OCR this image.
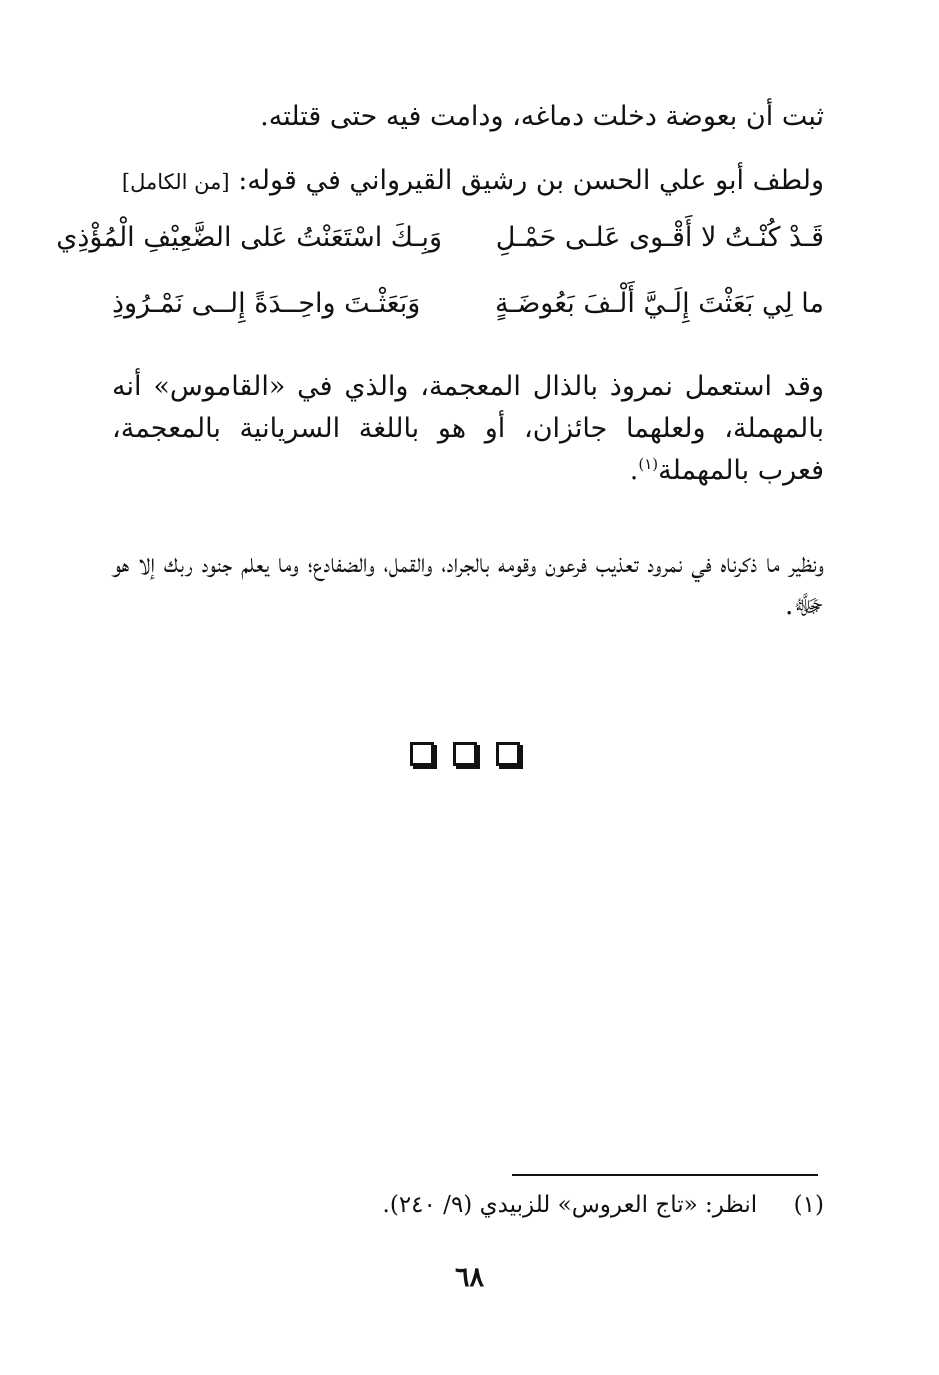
ثبت أن بعوضة دخلت دماغه، ودامت فيه حتى قتلته.
ولطف أبو علي الحسن بن رشيق القيرواني في قوله: [من الكامل]
قَـدْ كُنْـتُ لا أَقْـوى عَلـى حَمْـلِ
وَبِـكَ اسْتَعَنْتُ عَلى الضَّعِيْفِ الْمُؤْذِي
ما لِي بَعَثْتَ إِلَـيَّ أَلْـفَ بَعُوضَـةٍ
وَبَعَثْـتَ واحِــدَةً إِلــى نَمْـرُوذِ
وقد استعمل نمروذ بالذال المعجمة، والذي في «القاموس» أنه بالمهملة، ولعلهما جائزان، أو هو باللغة السريانية بالمعجمة، فعرب بالمهملة$^{(١)}$.
ونظير ما ذكرناه في نمرود تعذيب فرعون وقومه بالجراد، والقمل، والضفادع؛ وما يعلم جنود ربك إلا هو ﷻ.
(١)     انظر: «تاج العروس» للزبيدي (٩/ ٢٤٠).
٦٨
